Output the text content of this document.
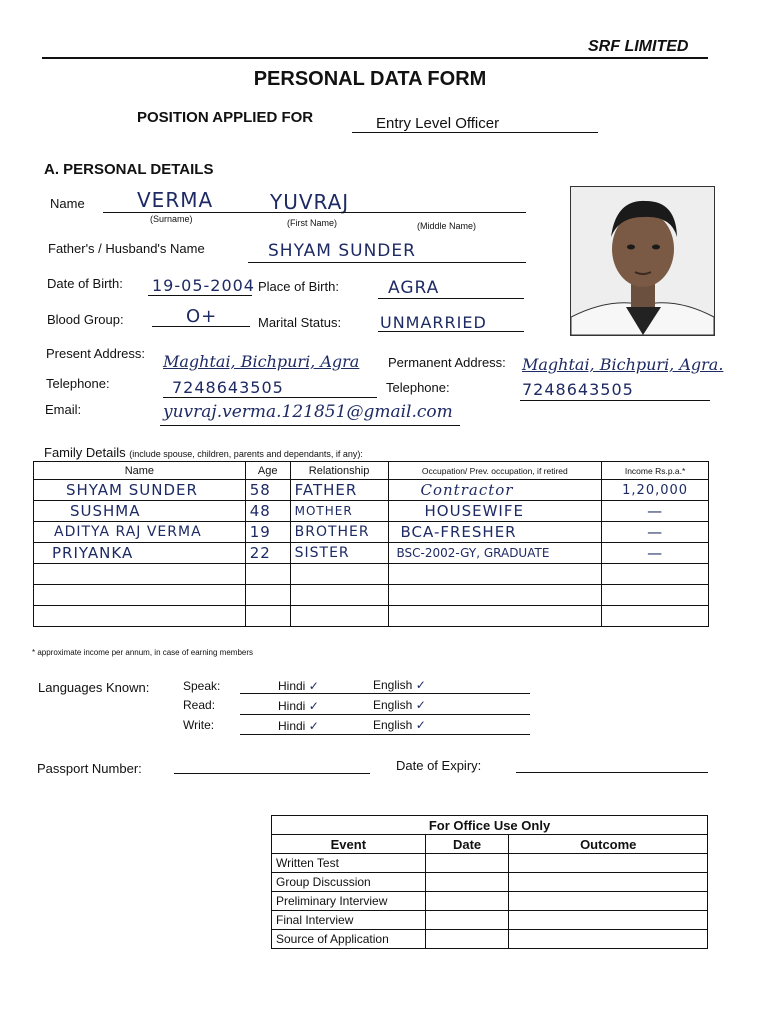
SRF LIMITED
PERSONAL DATA FORM
POSITION APPLIED FOR	Entry Level Officer
A. PERSONAL DETAILS
Name	VERMA	YUVRAJ
(Surname)	(First Name)	(Middle Name)
Father's / Husband's Name	SHYAM SUNDER
Date of Birth: 19-05-2004 Place of Birth:	AGRA
Blood Group:	O+	Marital Status: UNMARRIED
Present Address: Maghtai, Bichpuri, Agra Permanent Address: Maghtai, Bichpuri, Agra.
Telephone:	7248643505	Telephone:	7248643505
Email:	yuvraj.verma.121851@gmail.com
Family Details (include spouse, children, parents and dependants, if any):
Name	Age	Relationship	Occupation/ Prev. occupation, if retired	Income Rs.p.a.*
SHYAM SUNDER	58	FATHER	Contractor	1,20,000
SUSHMA	48	MOTHER	HOUSEWIFE	—
ADITYA RAJ VERMA	19	BROTHER	BCA-FRESHER	—
PRIYANKA	22	SISTER	BSC-2002-GY, GRADUATE	—

* approximate income per annum, in case of earning members
Languages Known:	Speak:	Hindi ✓	English ✓
Read:	Hindi ✓	English ✓
Write:	Hindi ✓	English ✓
Passport Number:	Date of Expiry:
For Office Use Only		
Event	Date	Outcome
Written Test		
Group Discussion		
Preliminary Interview		
Final Interview		
Source of Application		
